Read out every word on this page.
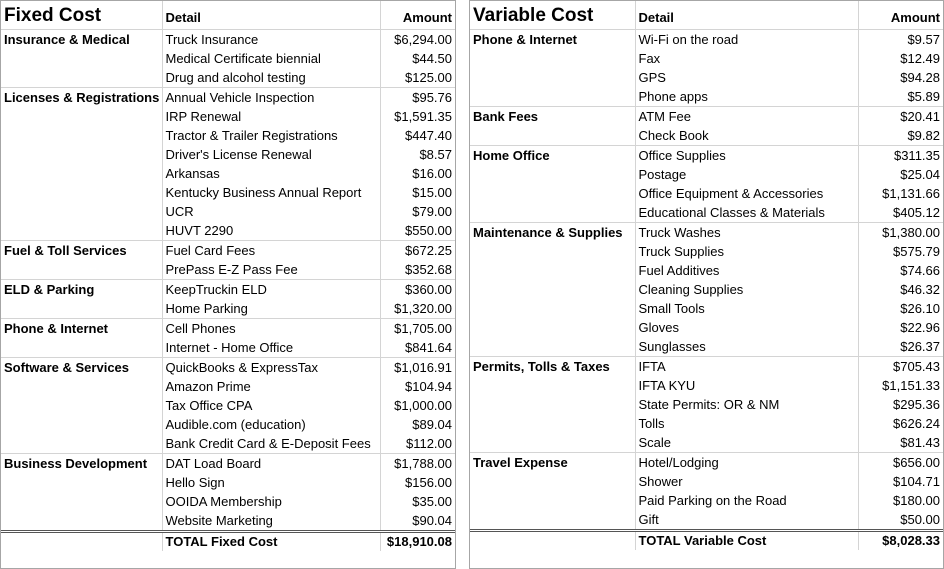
Fixed Cost	Detail	Amount
Insurance & Medical	Truck Insurance	$6,294.00
	Medical Certificate biennial	$44.50
	Drug and alcohol testing	$125.00
Licenses & Registrations	Annual Vehicle Inspection	$95.76
	IRP Renewal	$1,591.35
	Tractor & Trailer Registrations	$447.40
	Driver's License Renewal	$8.57
	Arkansas	$16.00
	Kentucky Business Annual Report	$15.00
	UCR	$79.00
	HUVT 2290	$550.00
Fuel & Toll Services	Fuel Card Fees	$672.25
	PrePass E-Z Pass Fee	$352.68
ELD & Parking	KeepTruckin ELD	$360.00
	Home Parking	$1,320.00
Phone & Internet	Cell Phones	$1,705.00
	Internet - Home Office	$841.64
Software & Services	QuickBooks & ExpressTax	$1,016.91
	Amazon Prime	$104.94
	Tax Office CPA	$1,000.00
	Audible.com (education)	$89.04
	Bank Credit Card & E-Deposit Fees	$112.00
Business Development	DAT Load Board	$1,788.00
	Hello Sign	$156.00
	OOIDA Membership	$35.00
	Website Marketing	$90.04
	TOTAL Fixed Cost	$18,910.08
Variable Cost	Detail	Amount
Phone & Internet	Wi-Fi on the road	$9.57
	Fax	$12.49
	GPS	$94.28
	Phone apps	$5.89
Bank Fees	ATM Fee	$20.41
	Check Book	$9.82
Home Office	Office Supplies	$311.35
	Postage	$25.04
	Office Equipment & Accessories	$1,131.66
	Educational Classes & Materials	$405.12
Maintenance & Supplies	Truck Washes	$1,380.00
	Truck Supplies	$575.79
	Fuel Additives	$74.66
	Cleaning Supplies	$46.32
	Small Tools	$26.10
	Gloves	$22.96
	Sunglasses	$26.37
Permits, Tolls & Taxes	IFTA	$705.43
	IFTA KYU	$1,151.33
	State Permits: OR & NM	$295.36
	Tolls	$626.24
	Scale	$81.43
Travel Expense	Hotel/Lodging	$656.00
	Shower	$104.71
	Paid Parking on the Road	$180.00
	Gift	$50.00
	TOTAL Variable Cost	$8,028.33
